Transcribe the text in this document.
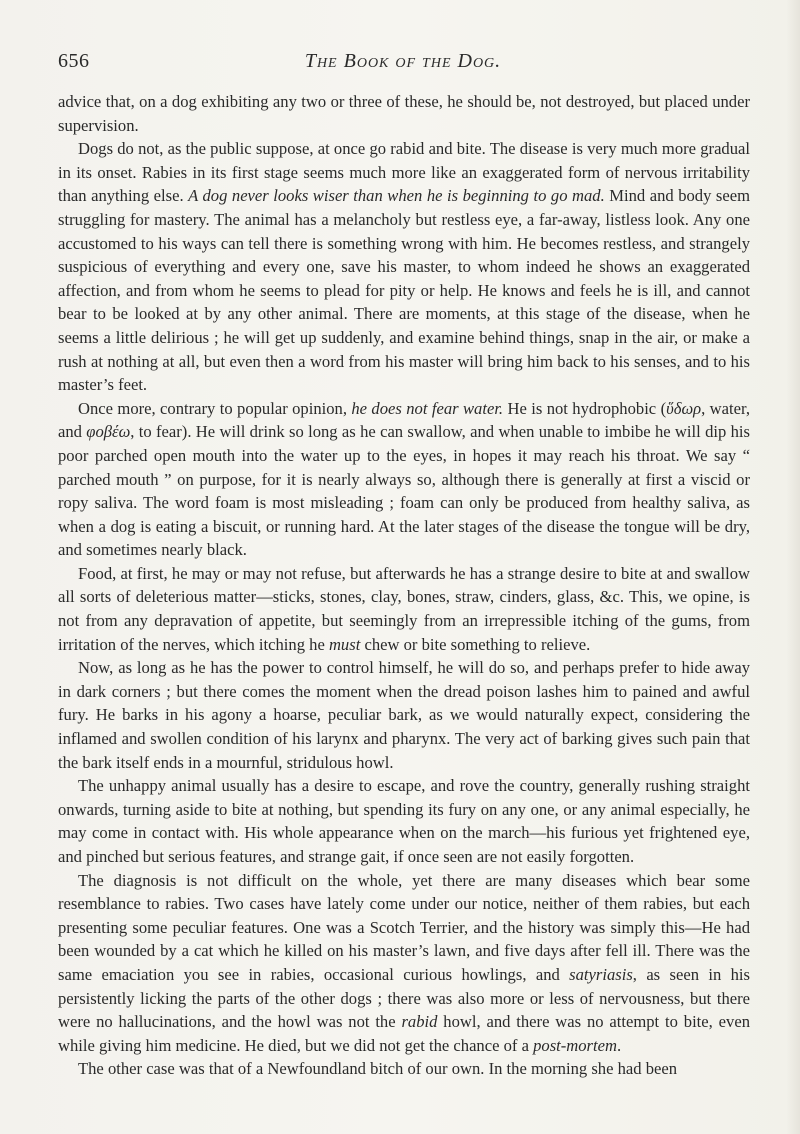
656	The Book of the Dog.

advice that, on a dog exhibiting any two or three of these, he should be, not destroyed, but placed under supervision.

Dogs do not, as the public suppose, at once go rabid and bite. The disease is very much more gradual in its onset. Rabies in its first stage seems much more like an exaggerated form of nervous irritability than anything else. A dog never looks wiser than when he is beginning to go mad. Mind and body seem struggling for mastery. The animal has a melancholy but restless eye, a far-away, listless look. Any one accustomed to his ways can tell there is something wrong with him. He becomes restless, and strangely suspicious of everything and every one, save his master, to whom indeed he shows an exaggerated affection, and from whom he seems to plead for pity or help. He knows and feels he is ill, and cannot bear to be looked at by any other animal. There are moments, at this stage of the disease, when he seems a little delirious ; he will get up suddenly, and examine behind things, snap in the air, or make a rush at nothing at all, but even then a word from his master will bring him back to his senses, and to his master’s feet.

Once more, contrary to popular opinion, he does not fear water. He is not hydrophobic (ὕδωρ, water, and φοβέω, to fear). He will drink so long as he can swallow, and when unable to imbibe he will dip his poor parched open mouth into the water up to the eyes, in hopes it may reach his throat. We say “ parched mouth ” on purpose, for it is nearly always so, although there is generally at first a viscid or ropy saliva. The word foam is most misleading ; foam can only be produced from healthy saliva, as when a dog is eating a biscuit, or running hard. At the later stages of the disease the tongue will be dry, and sometimes nearly black.

Food, at first, he may or may not refuse, but afterwards he has a strange desire to bite at and swallow all sorts of deleterious matter—sticks, stones, clay, bones, straw, cinders, glass, &c. This, we opine, is not from any depravation of appetite, but seemingly from an irrepressible itching of the gums, from irritation of the nerves, which itching he must chew or bite something to relieve.

Now, as long as he has the power to control himself, he will do so, and perhaps prefer to hide away in dark corners ; but there comes the moment when the dread poison lashes him to pained and awful fury. He barks in his agony a hoarse, peculiar bark, as we would naturally expect, considering the inflamed and swollen condition of his larynx and pharynx. The very act of barking gives such pain that the bark itself ends in a mournful, stridulous howl.

The unhappy animal usually has a desire to escape, and rove the country, generally rushing straight onwards, turning aside to bite at nothing, but spending its fury on any one, or any animal especially, he may come in contact with. His whole appearance when on the march—his furious yet frightened eye, and pinched but serious features, and strange gait, if once seen are not easily forgotten.

The diagnosis is not difficult on the whole, yet there are many diseases which bear some resemblance to rabies. Two cases have lately come under our notice, neither of them rabies, but each presenting some peculiar features. One was a Scotch Terrier, and the history was simply this—He had been wounded by a cat which he killed on his master’s lawn, and five days after fell ill. There was the same emaciation you see in rabies, occasional curious howlings, and satyriasis, as seen in his persistently licking the parts of the other dogs ; there was also more or less of nervousness, but there were no hallucinations, and the howl was not the rabid howl, and there was no attempt to bite, even while giving him medicine. He died, but we did not get the chance of a post-mortem.

The other case was that of a Newfoundland bitch of our own. In the morning she had been
